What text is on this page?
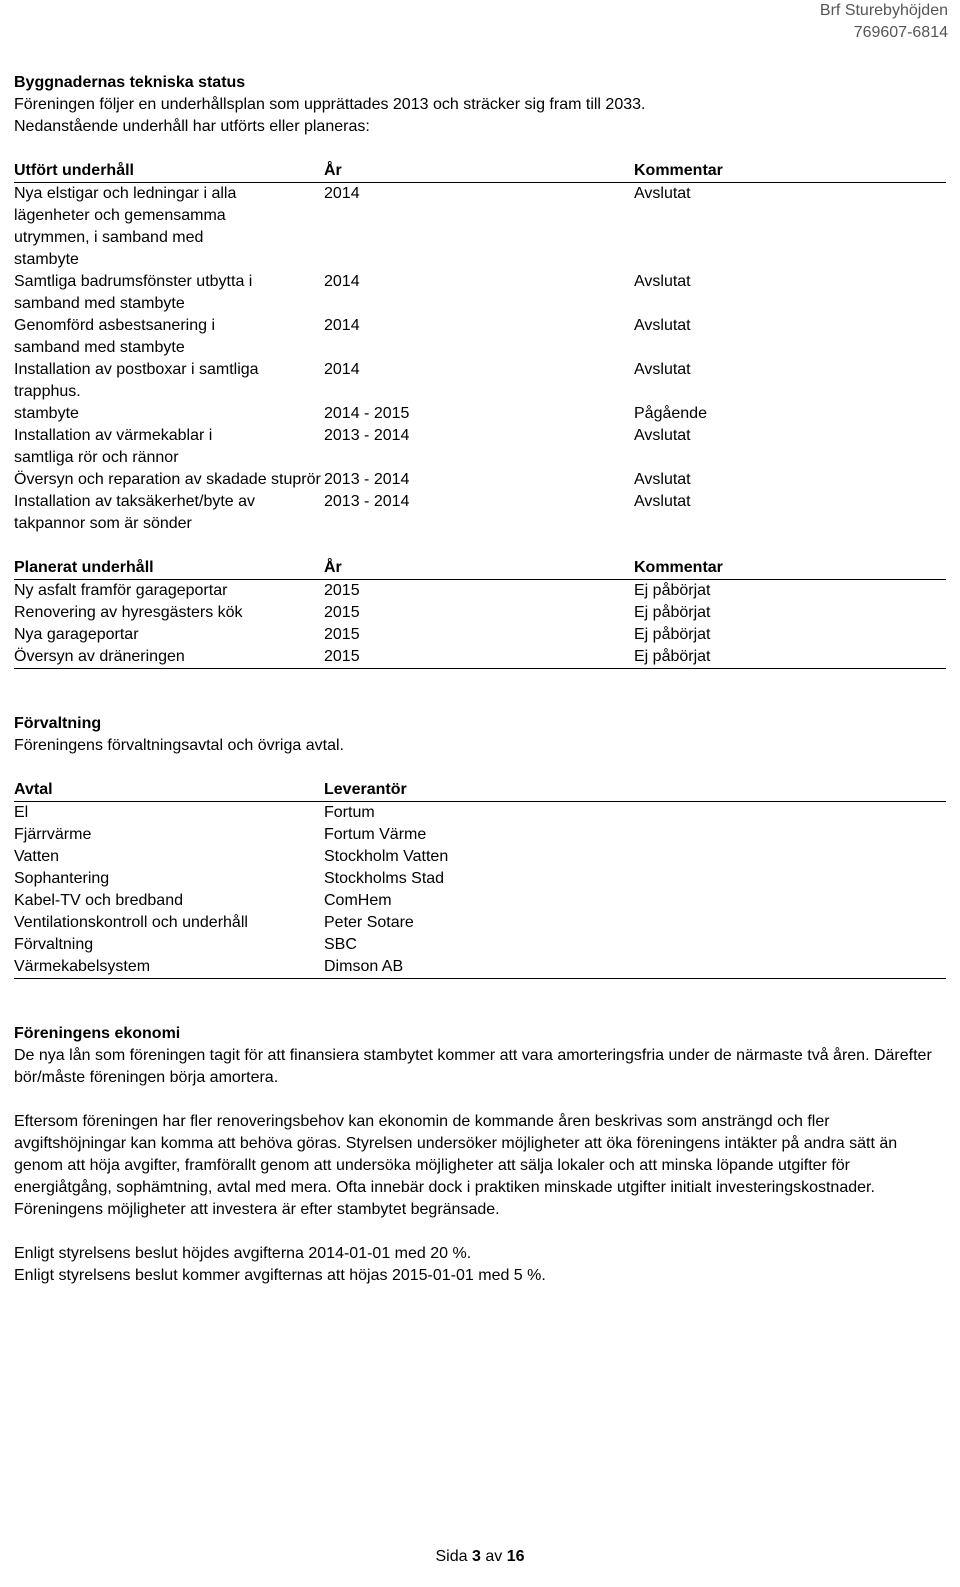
Brf Sturebyhöjden
769607-6814

Byggnadernas tekniska status

Föreningen följer en underhållsplan som upprättades 2013 och sträcker sig fram till 2033.

Nedanstående underhåll har utförts eller planeras:

Utfört underhåll	År	Kommentar
Nya elstigar och ledningar i alla lägenheter och gemensamma utrymmen, i samband med stambyte	2014	Avslutat
Samtliga badrumsfönster utbytta i samband med stambyte	2014	Avslutat
Genomförd asbestsanering i samband med stambyte	2014	Avslutat
Installation av postboxar i samtliga trapphus.	2014	Avslutat
stambyte	2014 - 2015	Pågående
Installation av värmekablar i samtliga rör och rännor	2013 - 2014	Avslutat
Översyn och reparation av skadade stuprör	2013 - 2014	Avslutat
Installation av taksäkerhet/byte av takpannor som är sönder	2013 - 2014	Avslutat
Planerat underhåll	År	Kommentar
Ny asfalt framför garageportar	2015	Ej påbörjat
Renovering av hyresgästers kök	2015	Ej påbörjat
Nya garageportar	2015	Ej påbörjat
Översyn av dräneringen	2015	Ej påbörjat

Förvaltning

Föreningens förvaltningsavtal och övriga avtal.

Avtal	Leverantör
El	Fortum
Fjärrvärme	Fortum Värme
Vatten	Stockholm Vatten
Sophantering	Stockholms Stad
Kabel-TV och bredband	ComHem
Ventilationskontroll och underhåll	Peter Sotare
Förvaltning	SBC
Värmekabelsystem	Dimson AB

Föreningens ekonomi

De nya lån som föreningen tagit för att finansiera stambytet kommer att vara amorteringsfria under de närmaste två åren. Därefter bör/måste föreningen börja amortera.

Eftersom föreningen har fler renoveringsbehov kan ekonomin de kommande åren beskrivas som ansträngd och fler avgiftshöjningar kan komma att behöva göras. Styrelsen undersöker möjligheter att öka föreningens intäkter på andra sätt än genom att höja avgifter, framförallt genom att undersöka möjligheter att sälja lokaler och att minska löpande utgifter för energiåtgång, sophämtning, avtal med mera. Ofta innebär dock i praktiken minskade utgifter initialt investeringskostnader. Föreningens möjligheter att investera är efter stambytet begränsade.

Enligt styrelsens beslut höjdes avgifterna 2014-01-01 med 20 %.

Enligt styrelsens beslut kommer avgifternas att höjas 2015-01-01 med 5 %.

Sida 3 av 16
